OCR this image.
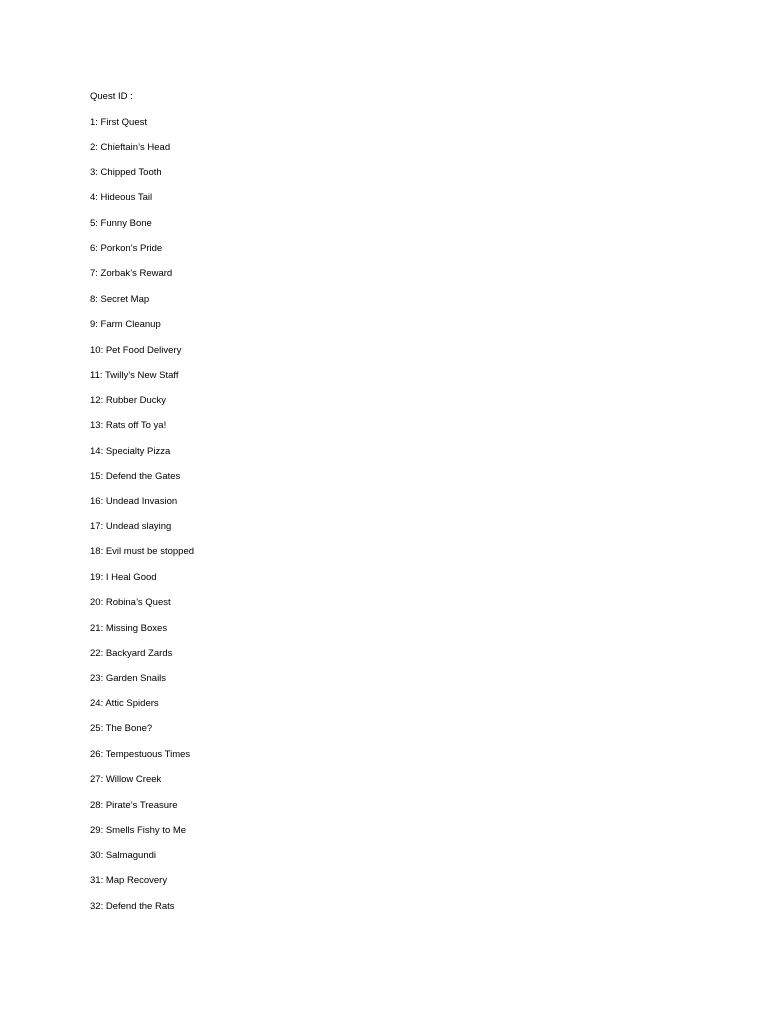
Quest ID :
1: First Quest
2: Chieftain’s Head
3: Chipped Tooth
4: Hideous Tail
5: Funny Bone
6: Porkon’s Pride
7: Zorbak’s Reward
8: Secret Map
9: Farm Cleanup
10: Pet Food Delivery
11: Twilly’s New Staff
12: Rubber Ducky
13: Rats off To ya!
14: Specialty Pizza
15: Defend the Gates
16: Undead Invasion
17: Undead slaying
18: Evil must be stopped
19: I Heal Good
20: Robina’s Quest
21: Missing Boxes
22: Backyard Zards
23: Garden Snails
24: Attic Spiders
25: The Bone?
26: Tempestuous Times
27: Willow Creek
28: Pirate’s Treasure
29: Smells Fishy to Me
30: Salmagundi
31: Map Recovery
32: Defend the Rats
